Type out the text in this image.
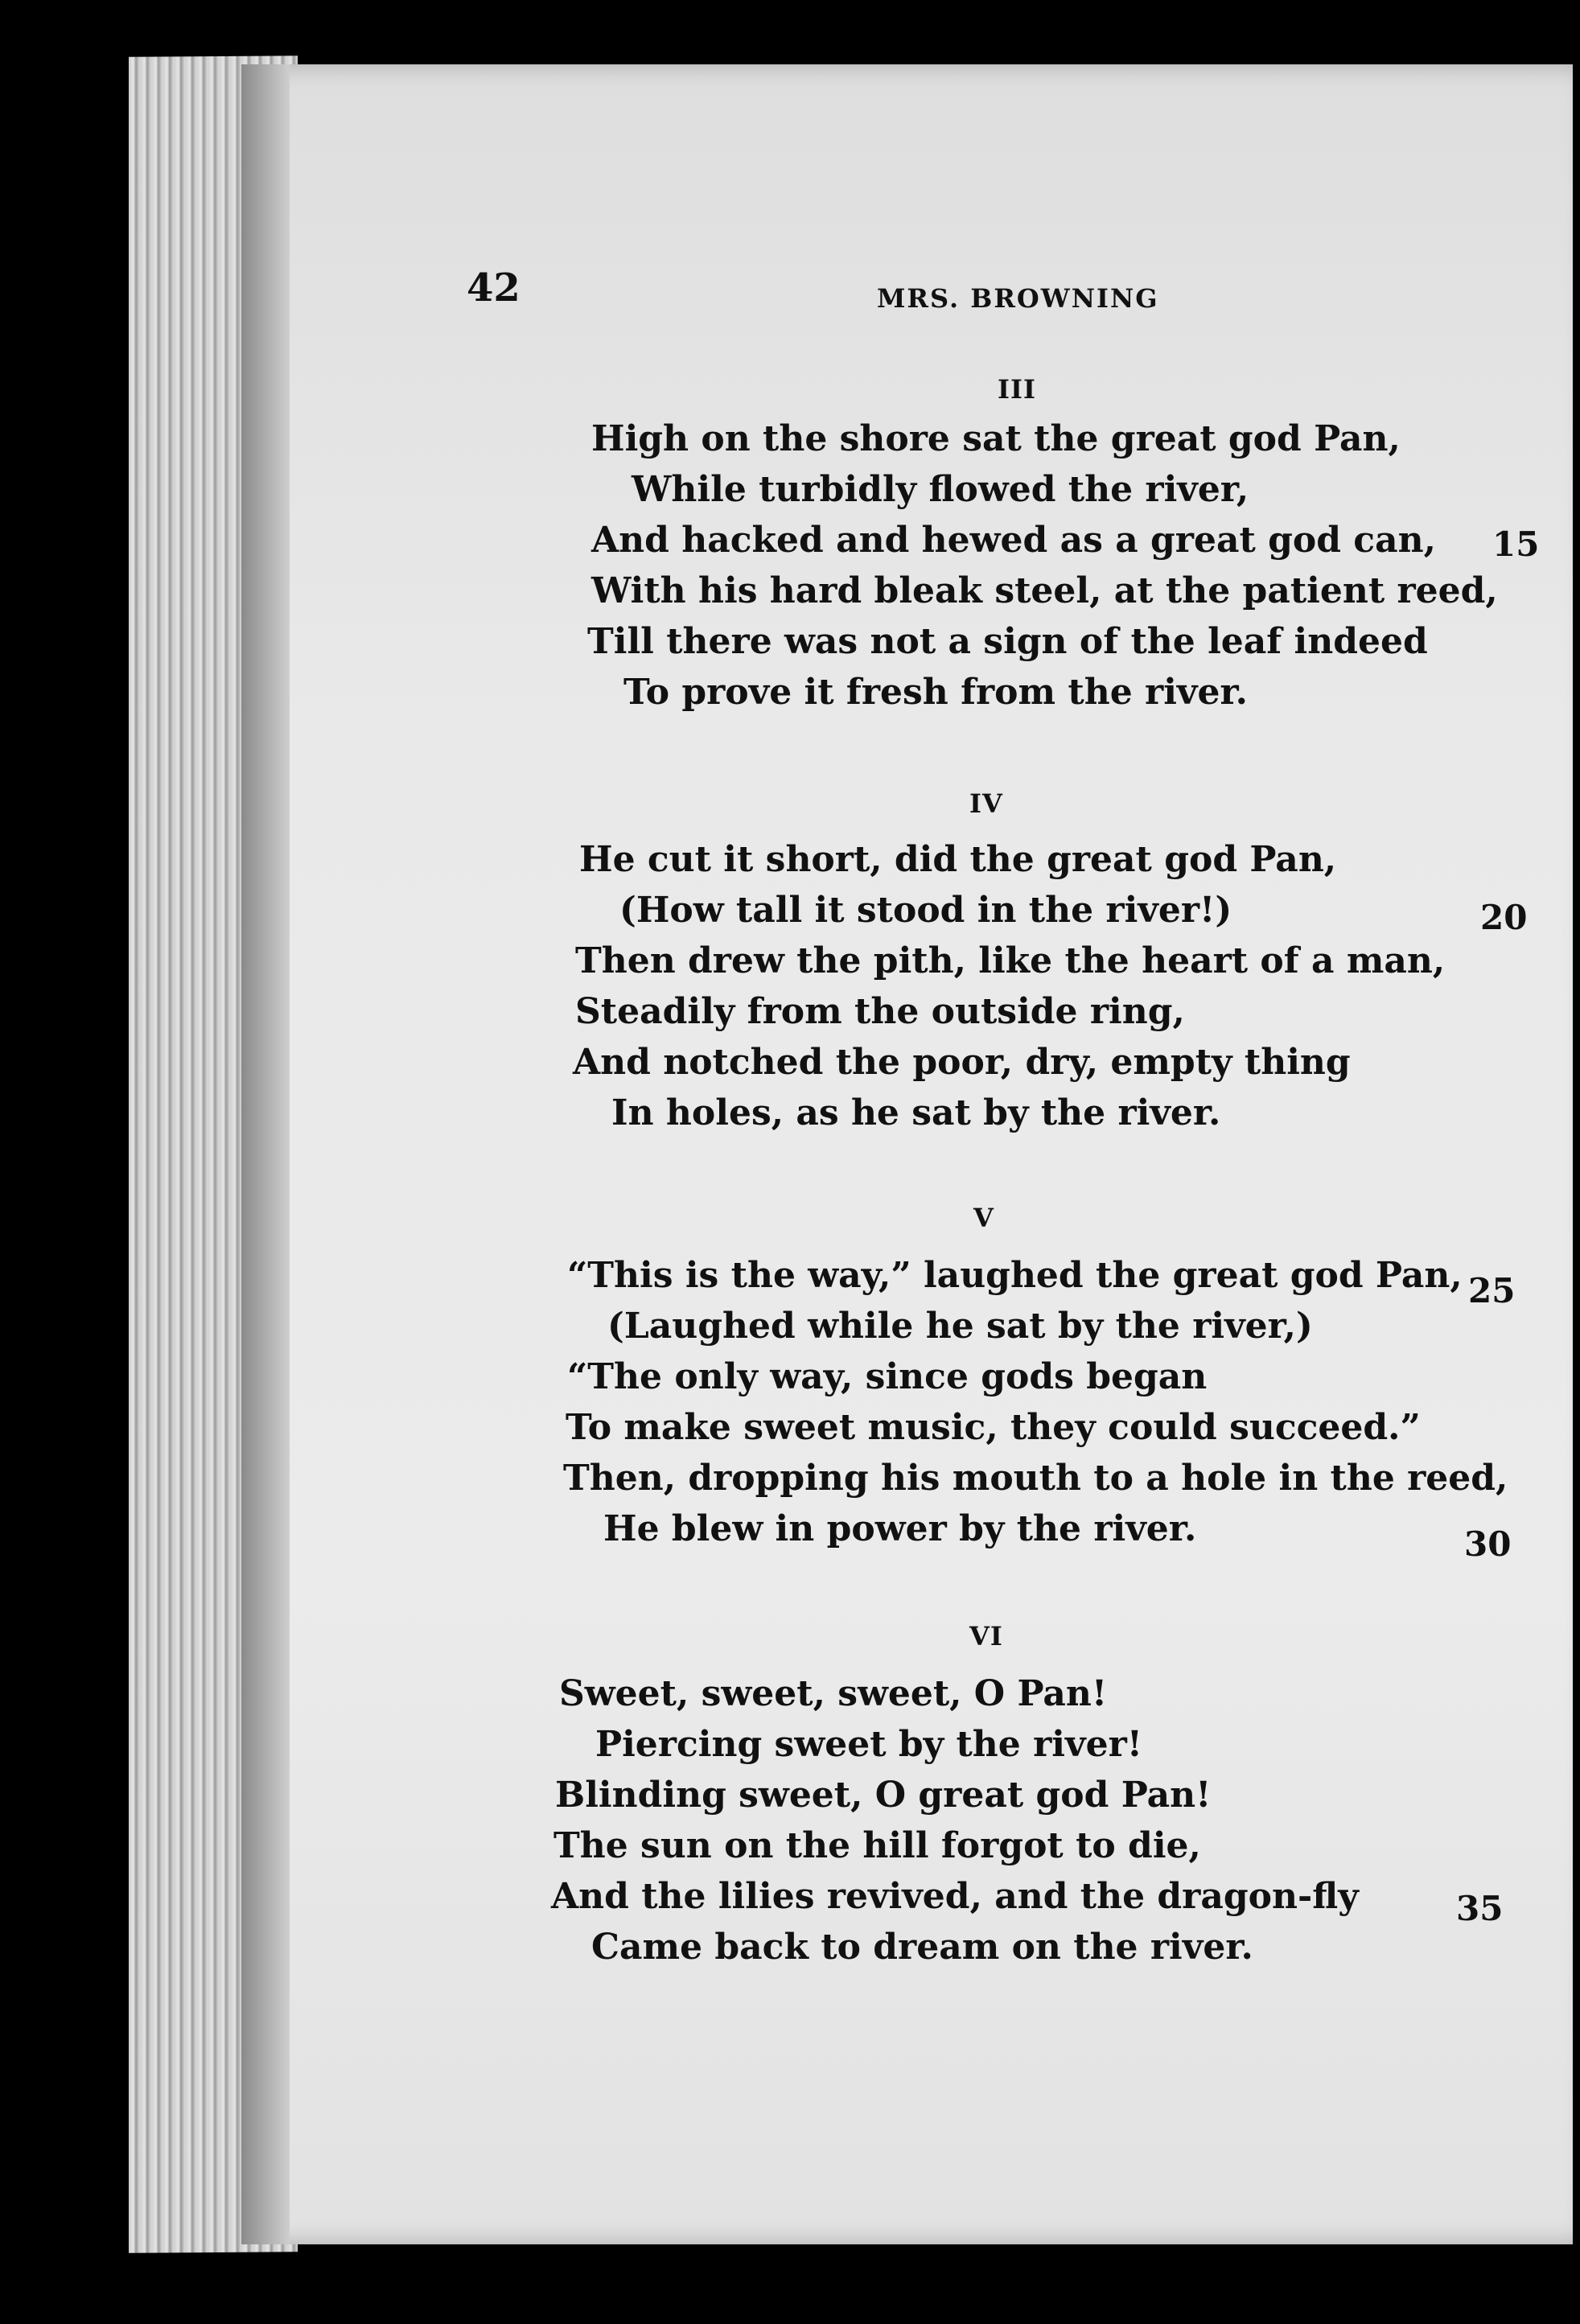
42	MRS. BROWNING
III
High on the shore sat the great god Pan,
While turbidly flowed the river,
And hacked and hewed as a great god can, 15
With his hard bleak steel, at the patient reed,
Till there was not a sign of the leaf indeed
To prove it fresh from the river.
IV
He cut it short, did the great god Pan,
(How tall it stood in the river!)	20
Then drew the pith, like the heart of a man,
Steadily from the outside ring,
And notched the poor, dry, empty thing
In holes, as he sat by the river.
V
“This is the way,” laughed the great god Pan, 25
(Laughed while he sat by the river,)
“The only way, since gods began
To make sweet music, they could succeed.”
Then, dropping his mouth to a hole in the reed,
He blew in power by the river.	30
VI
Sweet, sweet, sweet, O Pan!
Piercing sweet by the river!
Blinding sweet, O great god Pan!
The sun on the hill forgot to die,
And the lilies revived, and the dragon-fly	35
Came back to dream on the river.
